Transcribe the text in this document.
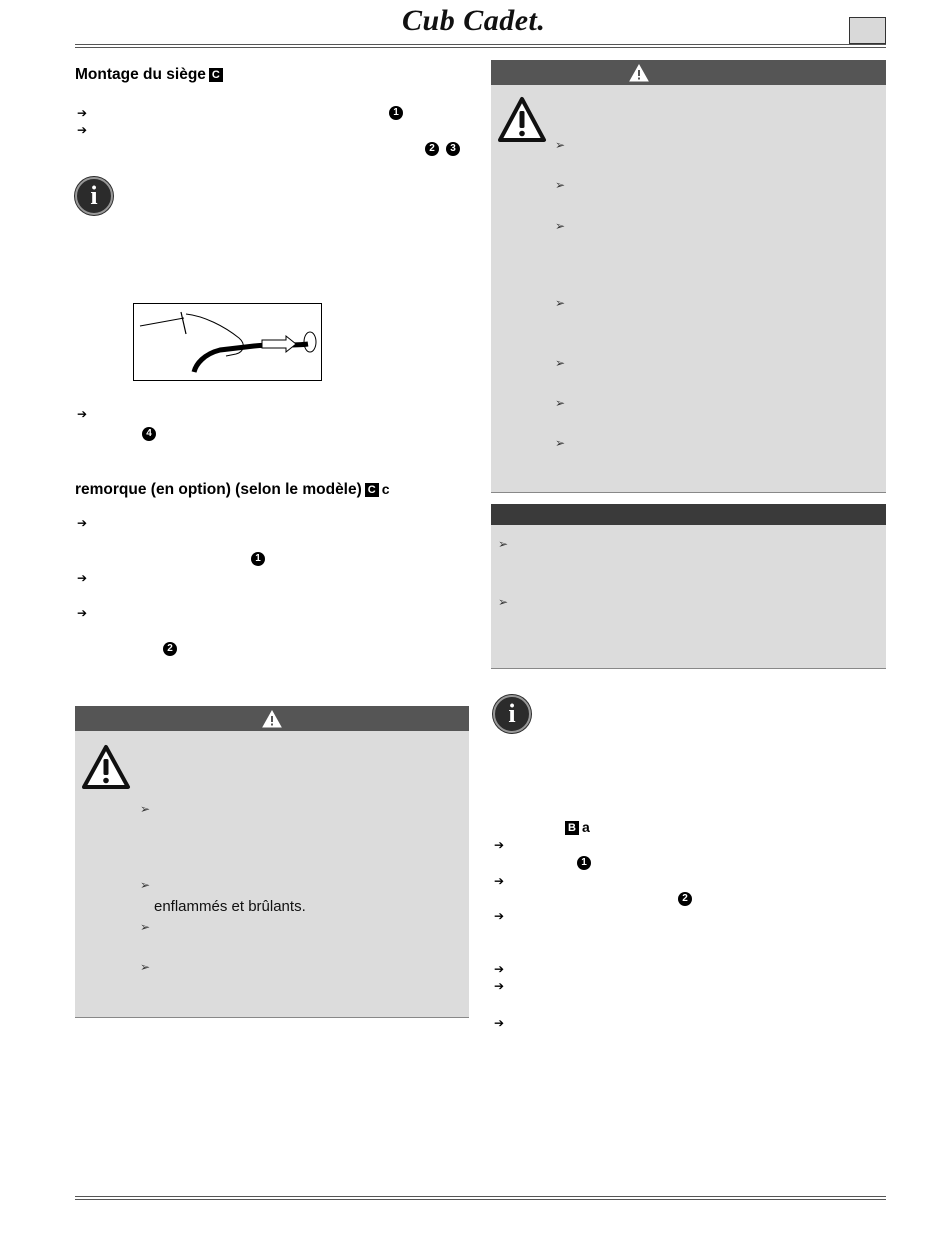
Cub Cadet.
Montage du siège C
➔	1
➔
2	3
i
➔
4
remorque (en option) (selon le modèle) C c
➔
1
➔
➔
2
➢
➢
enflammés et brûlants.
➢
➢
➢
➢
➢
➢
➢
➢
➢
➢
➢
i
B a
➔
1
➔
2
➔
➔
➔
➔
